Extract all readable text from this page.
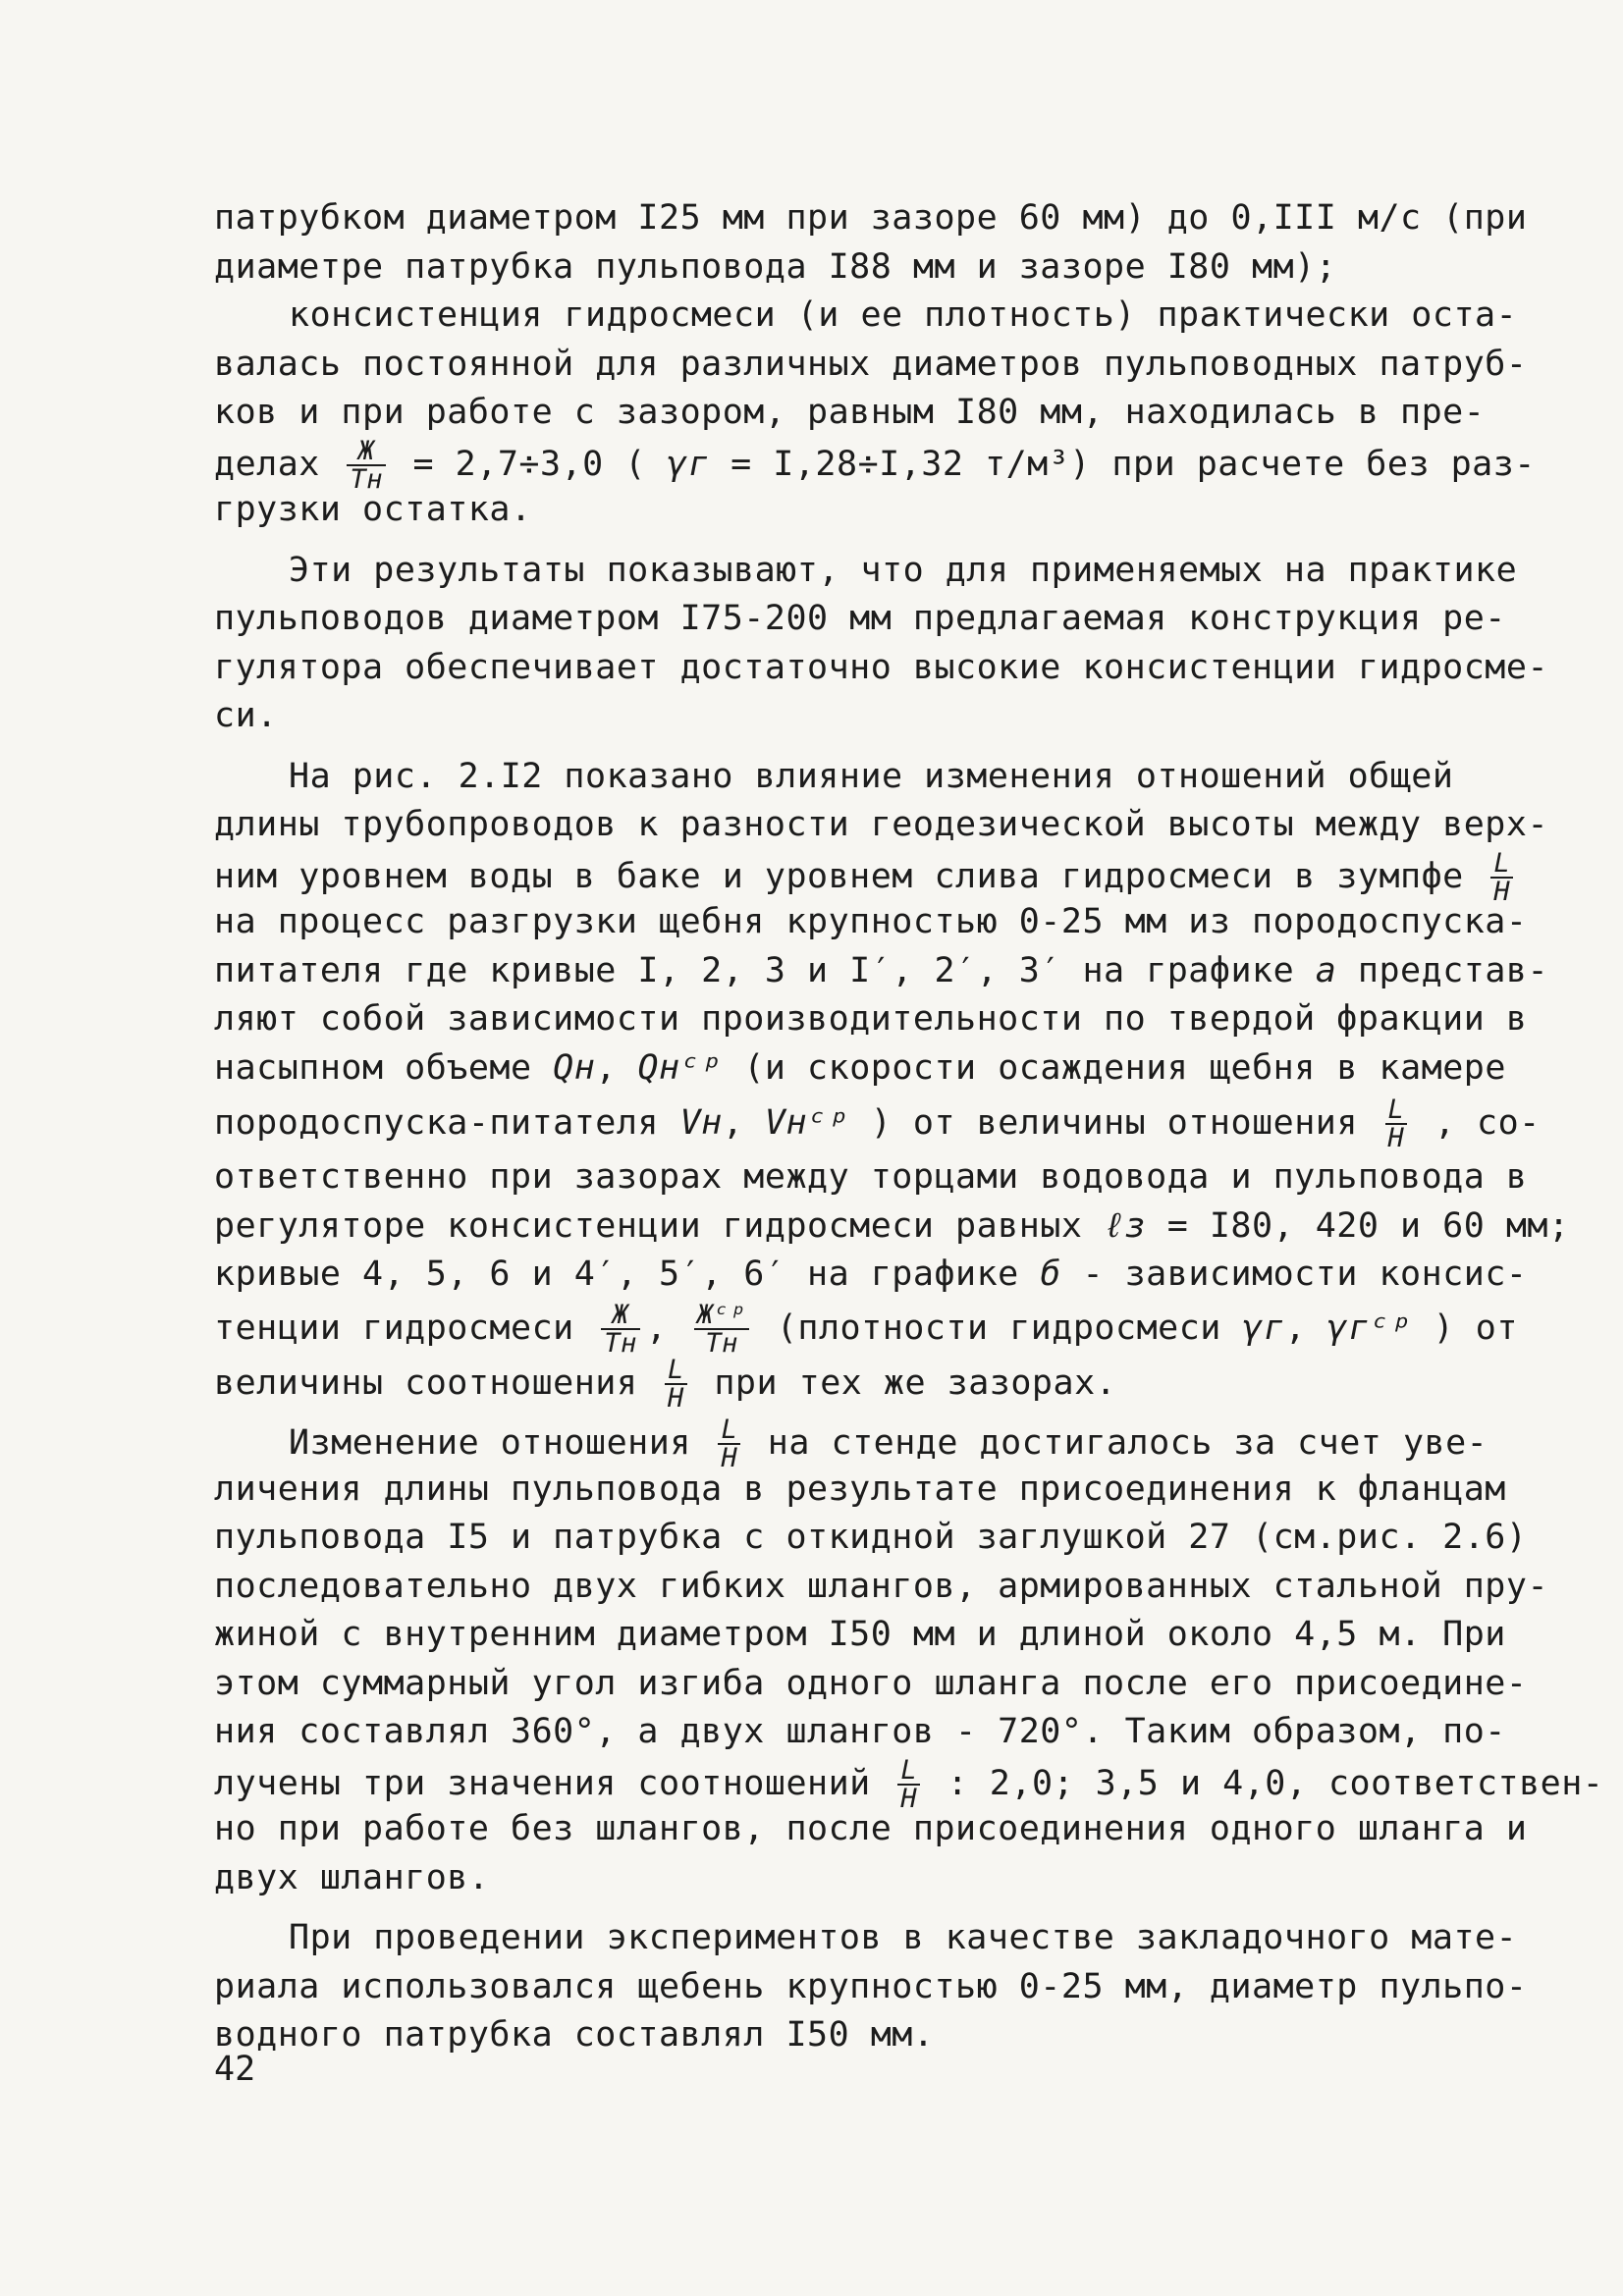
патрубком диаметром I25 мм при зазоре 60 мм) до 0,III м/с (при
диаметре патрубка пульповода I88 мм и зазоре I80 мм);
консистенция гидросмеси (и ее плотность) практически оста-
валась постоянной для различных диаметров пульповодных патруб-
ков и при работе с зазором, равным I80 мм, находилась в пре-
делах $\frac{Ж}{Тн} = 2,7\div 3,0$ ( γг = I,28÷I,32 т/м³) при расчете без раз-
грузки остатка.
Эти результаты показывают, что для применяемых на практике
пульповодов диаметром I75-200 мм предлагаемая конструкция ре-
гулятора обеспечивает достаточно высокие консистенции гидросме-
си.
На рис. 2.I2 показано влияние изменения отношений общей
длины трубопроводов к разности геодезической высоты между верх-
ним уровнем воды в баке и уровнем слива гидросмеси в зумпфе $\frac{L}{H}$
на процесс разгрузки щебня крупностью 0-25 мм из породоспуска-
питателя где кривые I, 2, 3 и I′, 2′, 3′ на графике а представ-
ляют собой зависимости производительности по твердой фракции в
насыпном объеме Qн, Qнᶜᵖ (и скорости осаждения щебня в камере
породоспуска-питателя Vн, Vнᶜᵖ ) от величины отношения $\frac{L}{H}$ , со-
ответственно при зазорах между торцами водовода и пульповода в
регуляторе консистенции гидросмеси равных ℓз = I80, 420 и 60 мм;
кривые 4, 5, 6 и 4′, 5′, 6′ на графике б - зависимости консис-
тенции гидросмеси $\frac{Ж}{Тн}$ , $\frac{\text{Жᶜᵖ}}{Тн}$ (плотности гидросмеси γг, γгᶜᵖ ) от
величины соотношения $\frac{L}{H}$ при тех же зазорах.
Изменение отношения $\frac{L}{H}$ на стенде достигалось за счет уве-
личения длины пульповода в результате присоединения к фланцам
пульповода I5 и патрубка с откидной заглушкой 27 (см.рис. 2.6)
последовательно двух гибких шлангов, армированных стальной пру-
жиной с внутренним диаметром I50 мм и длиной около 4,5 м. При
этом суммарный угол изгиба одного шланга после его присоедине-
ния составлял 360°, а двух шлангов - 720°. Таким образом, по-
лучены три значения соотношений $\frac{L}{H}$ : 2,0; 3,5 и 4,0, соответствен-
но при работе без шлангов, после присоединения одного шланга и
двух шлангов.
При проведении экспериментов в качестве закладочного мате-
риала использовался щебень крупностью 0-25 мм, диаметр пульпо-
водного патрубка составлял I50 мм.
42
